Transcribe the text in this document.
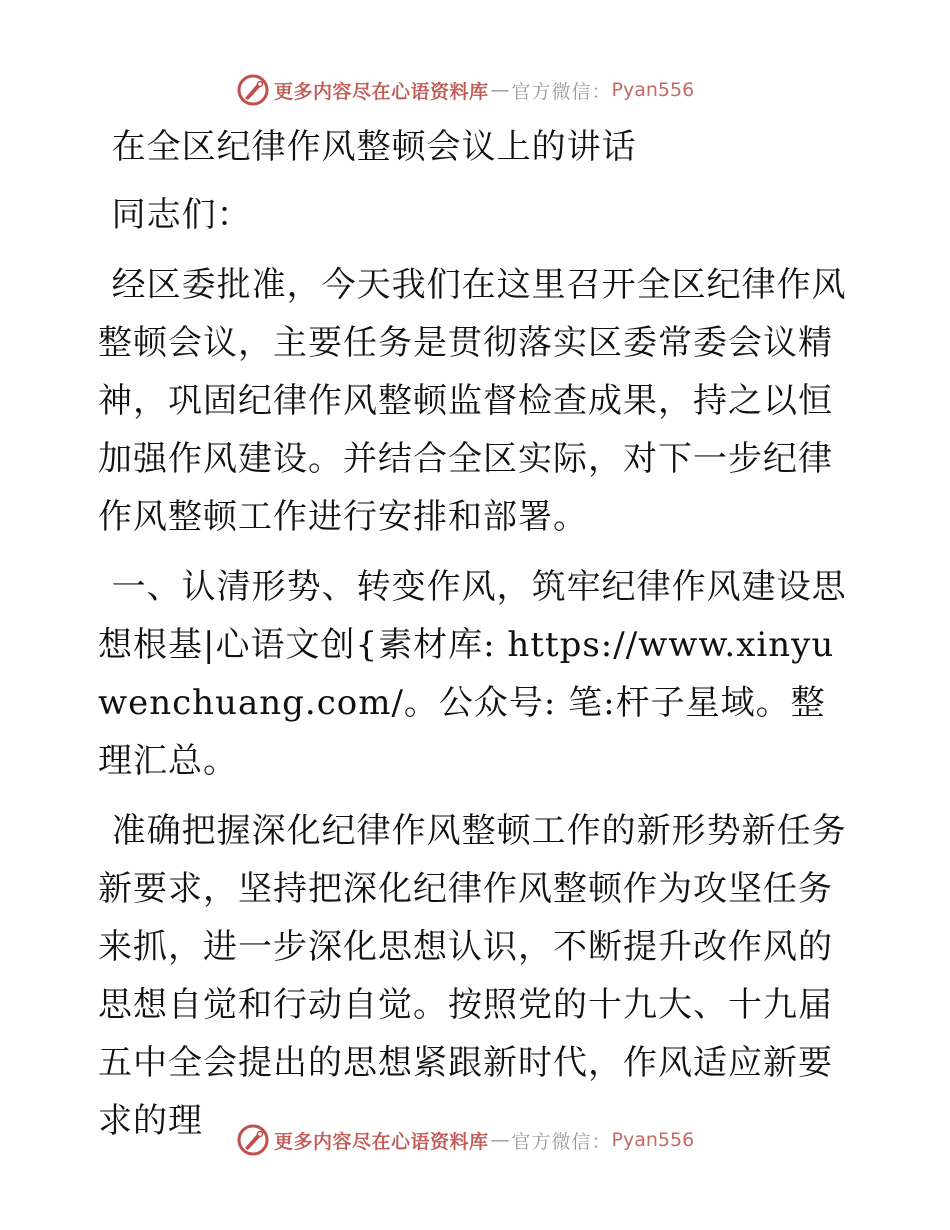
更多内容尽在心语资料库 — 官方微信： Pyan556

在全区纪律作风整顿会议上的讲话

同志们：

经区委批准，今天我们在这里召开全区纪律作风整顿会议，主要任务是贯彻落实区委常委会议精神，巩固纪律作风整顿监督检查成果，持之以恒加强作风建设。并结合全区实际，对下一步纪律作风整顿工作进行安排和部署。

一、认清形势、转变作风，筑牢纪律作风建设思想根基|心语文创{素材库: https://www.xinyuwenchuang.com/。公众号: 笔:杆子星域。整理汇总。

准确把握深化纪律作风整顿工作的新形势新任务新要求，坚持把深化纪律作风整顿作为攻坚任务来抓，进一步深化思想认识，不断提升改作风的思想自觉和行动自觉。按照党的十九大、十九届五中全会提出的思想紧跟新时代，作风适应新要求的理

更多内容尽在心语资料库 — 官方微信： Pyan556
